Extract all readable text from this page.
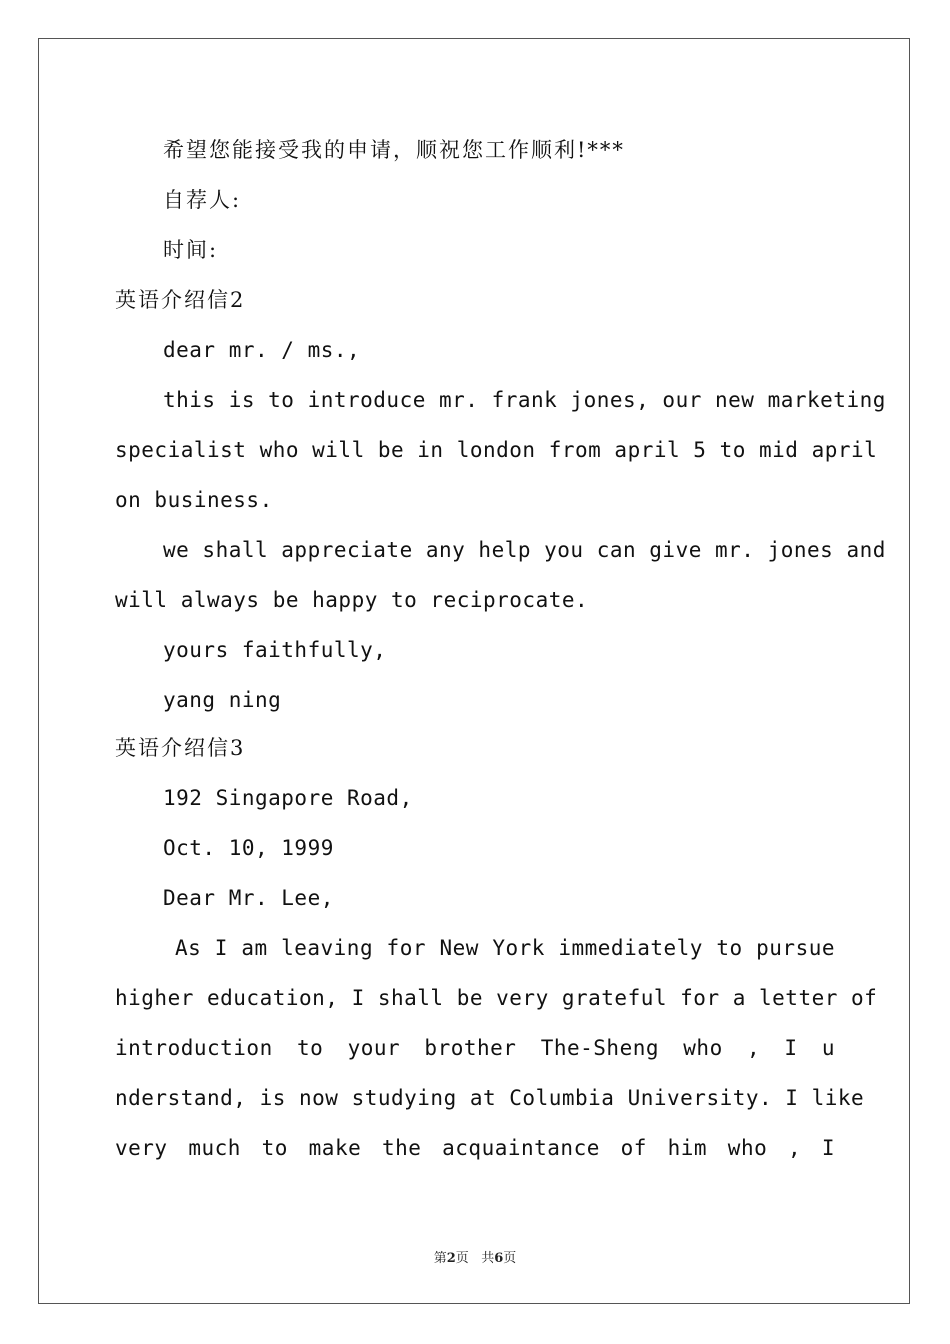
希望您能接受我的申请，顺祝您工作顺利!***
自荐人:
时间:
英语介绍信2
dear mr. / ms.,
this is to introduce mr. frank jones, our new marketing
specialist who will be in london from april 5 to mid april
on business.
we shall appreciate any help you can give mr. jones and
will always be happy to reciprocate.
yours faithfully,
yang ning
英语介绍信3
192 Singapore Road,
Oct. 10, 1999
Dear Mr. Lee,
As I am leaving for New York immediately to pursue
higher education, I shall be very grateful for a letter of
introduction to your brother The-Sheng who , I u
nderstand, is now studying at Columbia University. I like
very much to make the acquaintance of him who , I
第2页   共6页
